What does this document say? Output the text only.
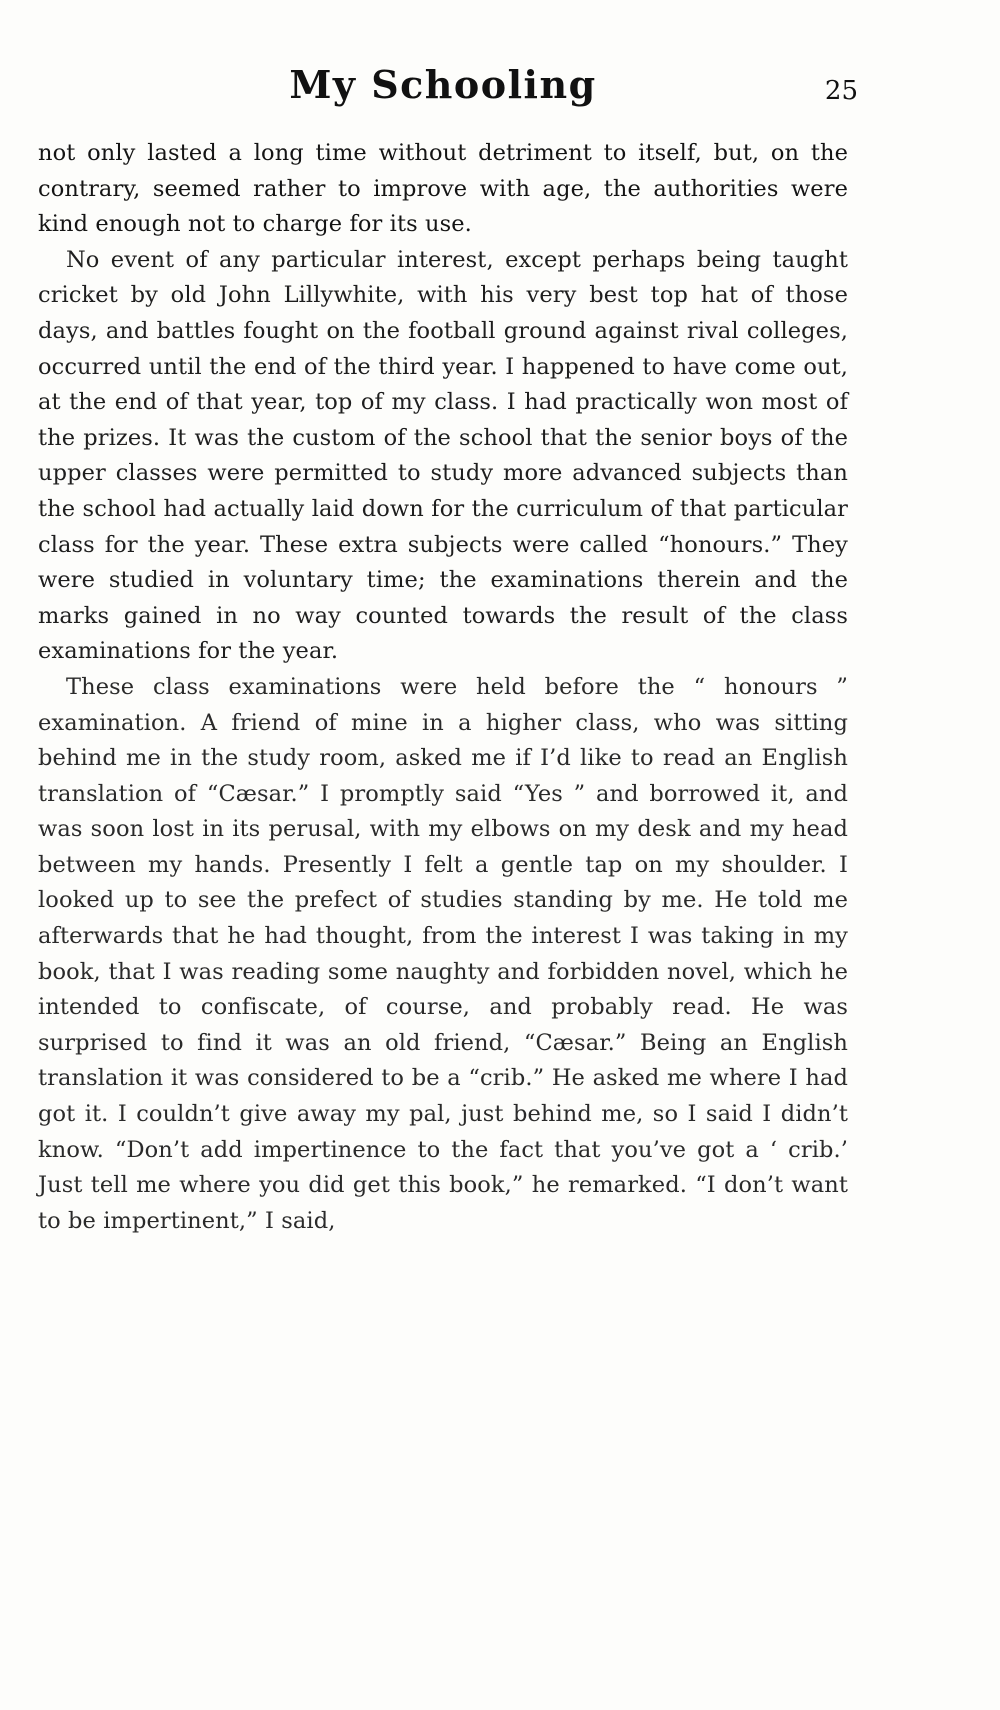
My Schooling	25

not only lasted a long time without detriment to itself, but, on the contrary, seemed rather to improve with age, the authorities were kind enough not to charge for its use.

No event of any particular interest, except perhaps being taught cricket by old John Lillywhite, with his very best top hat of those days, and battles fought on the football ground against rival colleges, occurred until the end of the third year. I happened to have come out, at the end of that year, top of my class. I had practically won most of the prizes. It was the custom of the school that the senior boys of the upper classes were permitted to study more advanced subjects than the school had actually laid down for the curriculum of that particular class for the year. These extra subjects were called “honours.” They were studied in voluntary time; the examinations therein and the marks gained in no way counted towards the result of the class examinations for the year.

These class examinations were held before the “ honours ” examination. A friend of mine in a higher class, who was sitting behind me in the study room, asked me if I’d like to read an English translation of “Cæsar.” I promptly said “Yes ” and borrowed it, and was soon lost in its perusal, with my elbows on my desk and my head between my hands. Presently I felt a gentle tap on my shoulder. I looked up to see the prefect of studies standing by me. He told me afterwards that he had thought, from the interest I was taking in my book, that I was reading some naughty and forbidden novel, which he intended to confiscate, of course, and probably read. He was surprised to find it was an old friend, “Cæsar.” Being an English translation it was considered to be a “crib.” He asked me where I had got it. I couldn’t give away my pal, just behind me, so I said I didn’t know. “Don’t add impertinence to the fact that you’ve got a ‘ crib.’ Just tell me where you did get this book,” he remarked. “I don’t want to be impertinent,” I said,
